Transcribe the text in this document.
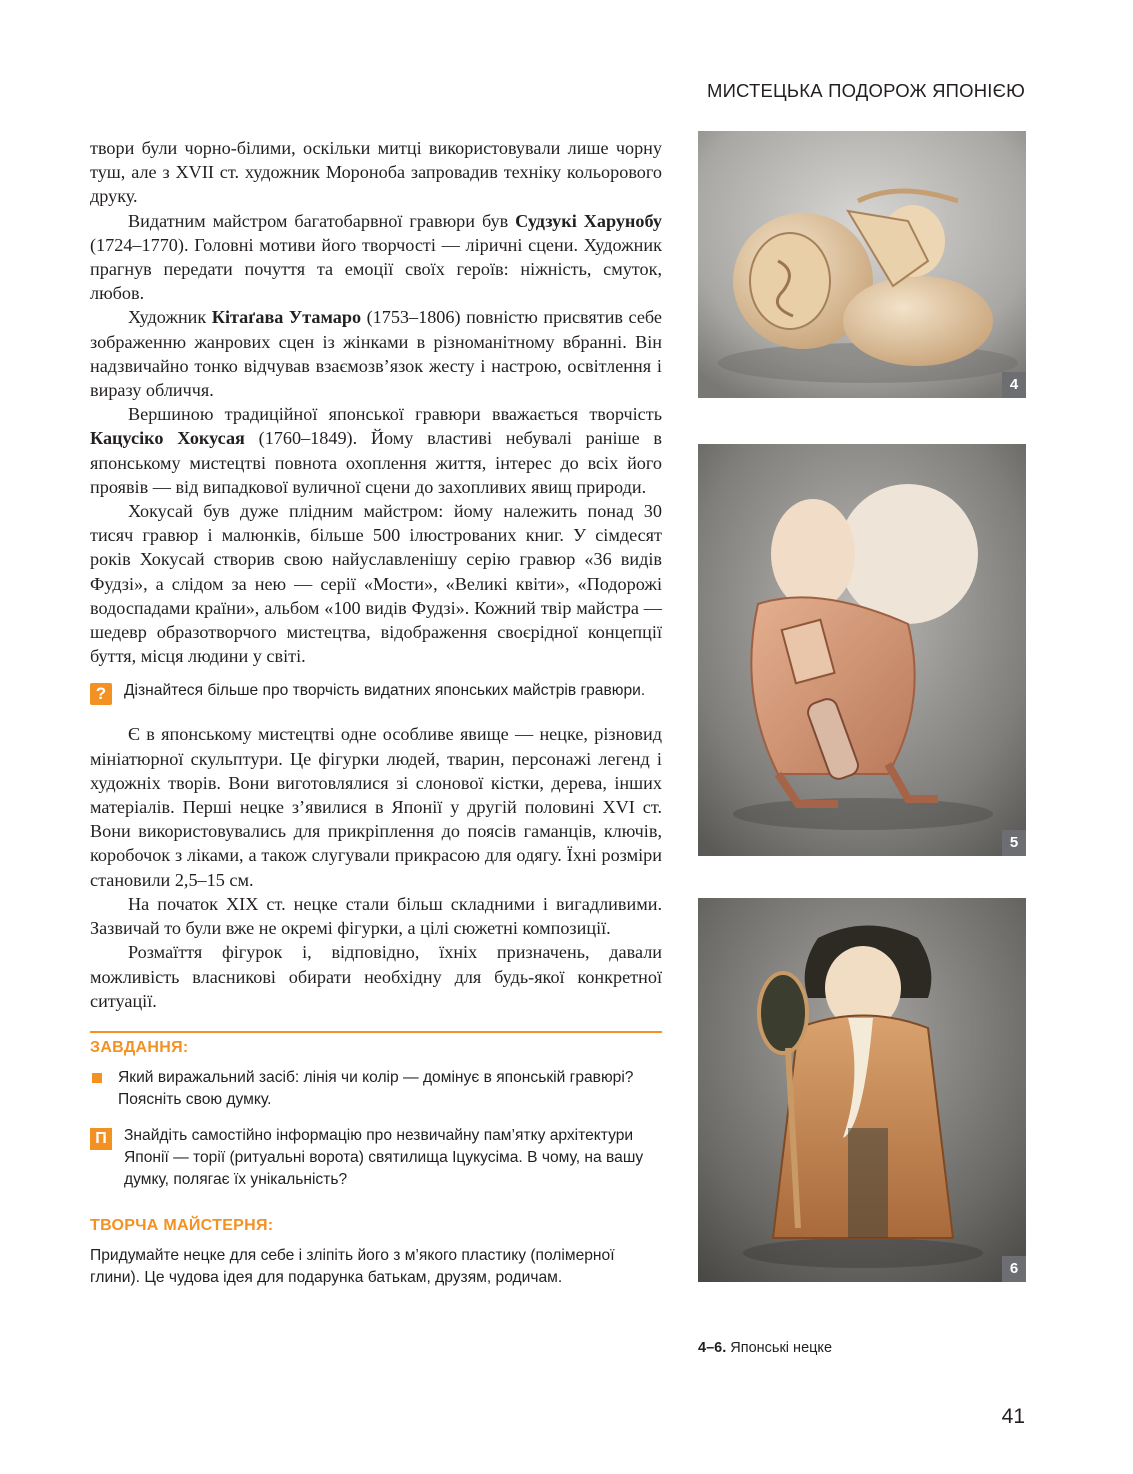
МИСТЕЦЬКА ПОДОРОЖ ЯПОНІЄЮ

твори були чорно-білими, оскільки митці використовували лише чорну туш, але з XVII ст. художник Мороноба запровадив техніку кольорового друку.

Видатним майстром багатобарвної гравюри був Судзукі Харунобу (1724–1770). Головні мотиви його творчості — ліричні сцени. Художник прагнув передати почуття та емоції своїх героїв: ніжність, смуток, любов.

Художник Кітаґава Утамаро (1753–1806) повністю присвятив себе зображенню жанрових сцен із жінками в різноманітному вбранні. Він надзвичайно тонко відчував взаємозв’язок жесту і настрою, освітлення і виразу обличчя.

Вершиною традиційної японської гравюри вважається творчість Кацусіко Хокусая (1760–1849). Йому властиві небувалі раніше в японському мистецтві повнота охоплення життя, інтерес до всіх його проявів — від випадкової вуличної сцени до захопливих явищ природи.

Хокусай був дуже плідним майстром: йому належить понад 30 тисяч гравюр і малюнків, більше 500 ілюстрованих книг. У сімдесят років Хокусай створив свою найуславленішу серію гравюр «36 видів Фудзі», а слідом за нею — серії «Мости», «Великі квіти», «Подорожі водоспадами країни», альбом «100 видів Фудзі». Кожний твір майстра — шедевр образотворчого мистецтва, відображення своєрідної концепції буття, місця людини у світі.

?	Дізнайтеся більше про творчість видатних японських майстрів гравюри.

Є в японському мистецтві одне особливе явище — нецке, різновид мініатюрної скульптури. Це фігурки людей, тварин, персонажі легенд і художніх творів. Вони виготовлялися зі слонової кістки, дерева, інших матеріалів. Перші нецке з’явилися в Японії у другій половині XVI ст. Вони використовувались для прикріплення до поясів гаманців, ключів, коробочок з ліками, а також слугували прикрасою для одягу. Їхні розміри становили 2,5–15 см.

На початок XIX ст. нецке стали більш складними і вигадливими. Зазвичай то були вже не окремі фігурки, а цілі сюжетні композиції.

Розмаїття фігурок і, відповідно, їхніх призначень, давали можливість власникові обирати необхідну для будь-якої конкретної ситуації.

ЗАВДАННЯ:
Який виражальний засіб: лінія чи колір — домінує в японській гравюрі? Поясніть свою думку.
П	Знайдіть самостійно інформацію про незвичайну пам’ятку архітектури Японії — торії (ритуальні ворота) святилища Іцукусіма. В чому, на вашу думку, полягає їх унікальність?
ТВОРЧА МАЙСТЕРНЯ:
Придумайте нецке для себе і зліпіть його з м’якого пластику (полімерної глини). Це чудова ідея для подарунка батькам, друзям, родичам.
4
5
6
4–6. Японські нецке
41
